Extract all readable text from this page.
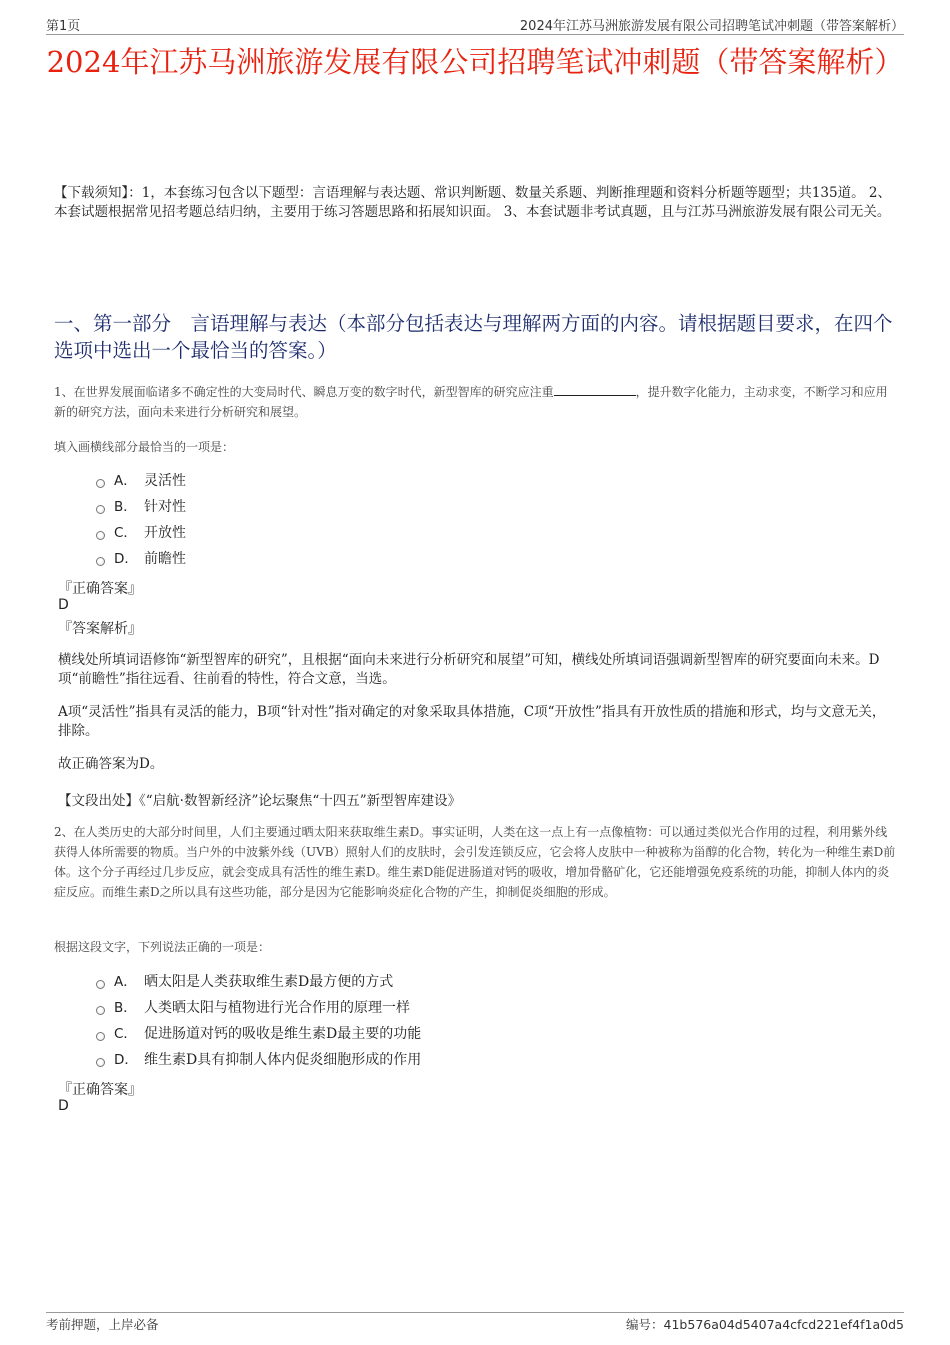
第1页	2024年江苏马洲旅游发展有限公司招聘笔试冲刺题（带答案解析）
2024年江苏马洲旅游发展有限公司招聘笔试冲刺题（带答案解析）
【下载须知】：1，本套练习包含以下题型：言语理解与表达题、常识判断题、数量关系题、判断推理题和资料分析题等题型；共135道。 2、本套试题根据常见招考题总结归纳，主要用于练习答题思路和拓展知识面。 3、本套试题非考试真题，且与江苏马洲旅游发展有限公司无关。
一、第一部分　言语理解与表达（本部分包括表达与理解两方面的内容。请根据题目要求，在四个选项中选出一个最恰当的答案。）
1、在世界发展面临诸多不确定性的大变局时代、瞬息万变的数字时代，新型智库的研究应注重	，提升数字化能力，主动求变，不断学习和应用新的研究方法，面向未来进行分析研究和展望。
填入画横线部分最恰当的一项是：
A． 灵活性
B． 针对性
C． 开放性
D． 前瞻性
『正确答案』
D
『答案解析』
横线处所填词语修饰“新型智库的研究”，且根据“面向未来进行分析研究和展望”可知，横线处所填词语强调新型智库的研究要面向未来。D项“前瞻性”指往远看、往前看的特性，符合文意，当选。
A项“灵活性”指具有灵活的能力，B项“针对性”指对确定的对象采取具体措施，C项“开放性”指具有开放性质的措施和形式，均与文意无关，排除。
故正确答案为D。
【文段出处】《“启航·数智新经济”论坛聚焦“十四五”新型智库建设》
2、在人类历史的大部分时间里，人们主要通过晒太阳来获取维生素D。事实证明，人类在这一点上有一点像植物：可以通过类似光合作用的过程，利用紫外线获得人体所需要的物质。当户外的中波紫外线（UVB）照射人们的皮肤时，会引发连锁反应，它会将人皮肤中一种被称为甾醇的化合物，转化为一种维生素D前体。这个分子再经过几步反应，就会变成具有活性的维生素D。维生素D能促进肠道对钙的吸收，增加骨骼矿化，它还能增强免疫系统的功能，抑制人体内的炎症反应。而维生素D之所以具有这些功能，部分是因为它能影响炎症化合物的产生，抑制促炎细胞的形成。
根据这段文字，下列说法正确的一项是：
A． 晒太阳是人类获取维生素D最方便的方式
B． 人类晒太阳与植物进行光合作用的原理一样
C． 促进肠道对钙的吸收是维生素D最主要的功能
D． 维生素D具有抑制人体内促炎细胞形成的作用
『正确答案』
D
考前押题，上岸必备	编号：41b576a04d5407a4cfcd221ef4f1a0d5
